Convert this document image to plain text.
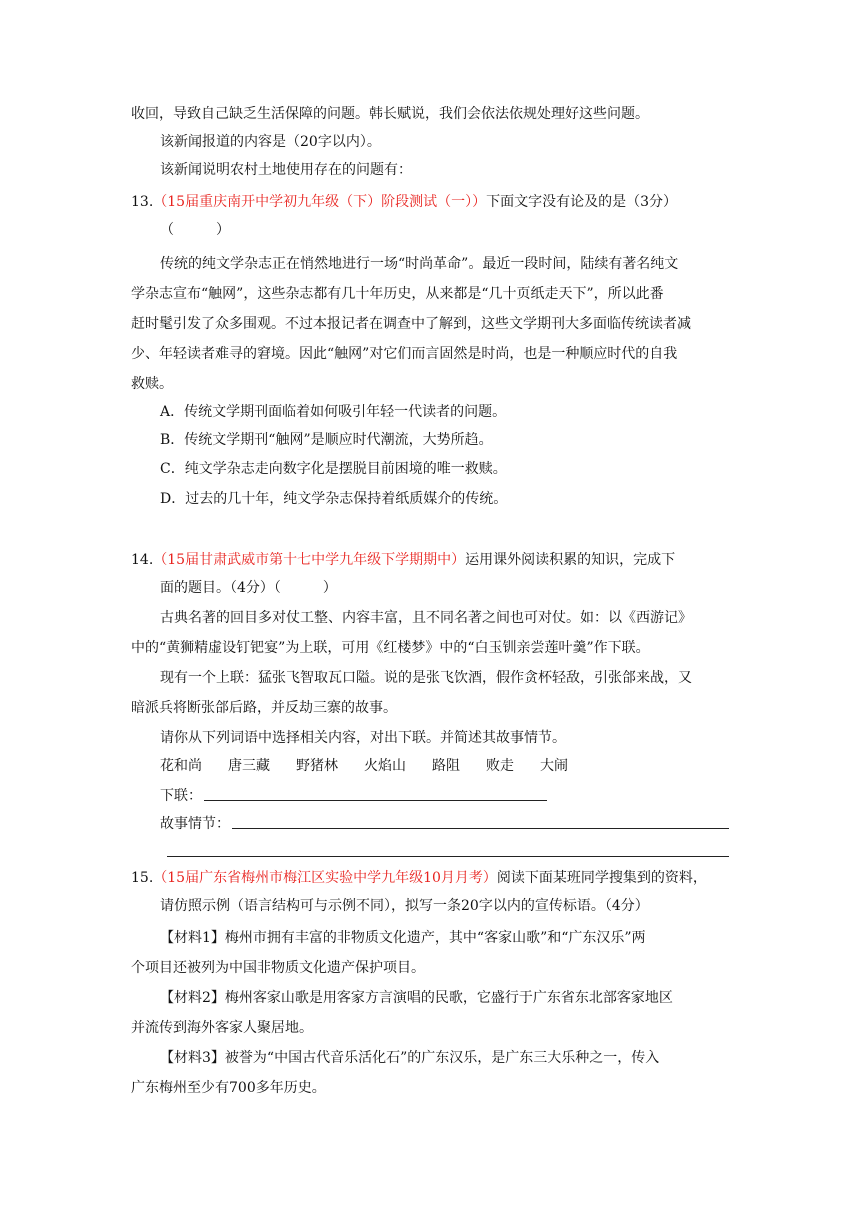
收回，导致自己缺乏生活保障的问题。韩长赋说，我们会依法依规处理好这些问题。
该新闻报道的内容是（20字以内）。
该新闻说明农村土地使用存在的问题有：
13.（15届重庆南开中学初九年级（下）阶段测试（一））下面文字没有论及的是（3分）
（　　　）
传统的纯文学杂志正在悄然地进行一场“时尚革命”。最近一段时间，陆续有著名纯文
学杂志宣布“触网”，这些杂志都有几十年历史，从来都是“几十页纸走天下”，所以此番
赶时髦引发了众多围观。不过本报记者在调查中了解到，这些文学期刊大多面临传统读者减
少、年轻读者难寻的窘境。因此“触网”对它们而言固然是时尚，也是一种顺应时代的自我
救赎。
A．传统文学期刊面临着如何吸引年轻一代读者的问题。
B．传统文学期刊“触网”是顺应时代潮流，大势所趋。
C．纯文学杂志走向数字化是摆脱目前困境的唯一救赎。
D．过去的几十年，纯文学杂志保持着纸质媒介的传统。
14.（15届甘肃武威市第十七中学九年级下学期期中）运用课外阅读积累的知识，完成下
面的题目。（4分）（　　　）
古典名著的回目多对仗工整、内容丰富，且不同名著之间也可对仗。如：以《西游记》
中的“黄狮精虚设钉钯宴”为上联，可用《红楼梦》中的“白玉钏亲尝莲叶羹”作下联。
现有一个上联：猛张飞智取瓦口隘。说的是张飞饮酒，假作贪杯轻敌，引张郃来战，又
暗派兵将断张郃后路，并反劫三寨的故事。
请你从下列词语中选择相关内容，对出下联。并简述其故事情节。
花和尚 唐三藏 野猪林 火焰山 路阻 败走 大闹
下联：
故事情节：
15.（15届广东省梅州市梅江区实验中学九年级10月月考）阅读下面某班同学搜集到的资料，
请仿照示例（语言结构可与示例不同），拟写一条20字以内的宣传标语。（4分）
【材料1】梅州市拥有丰富的非物质文化遗产，其中“客家山歌”和“广东汉乐”两
个项目还被列为中国非物质文化遗产保护项目。
【材料2】梅州客家山歌是用客家方言演唱的民歌，它盛行于广东省东北部客家地区
并流传到海外客家人聚居地。
【材料3】被誉为“中国古代音乐活化石”的广东汉乐，是广东三大乐种之一，传入
广东梅州至少有700多年历史。
